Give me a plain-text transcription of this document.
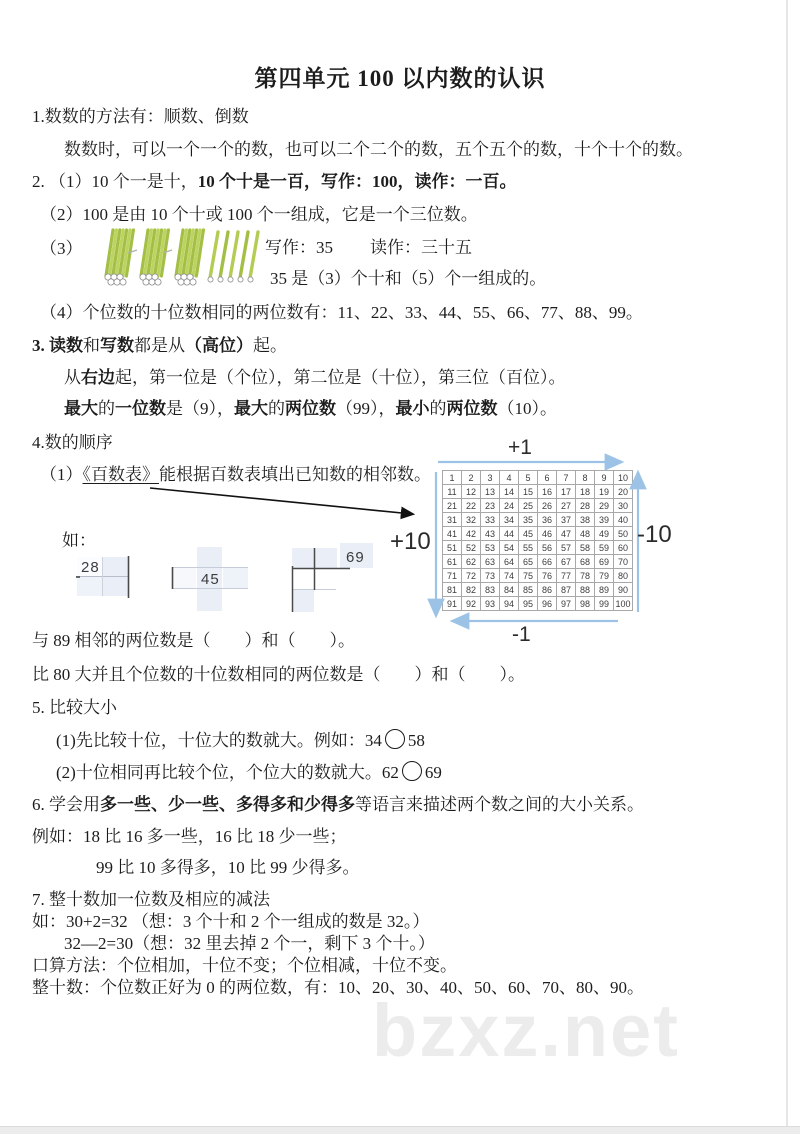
第四单元 100 以内数的认识
1.数数的方法有：顺数、倒数
数数时，可以一个一个的数，也可以二个二个的数，五个五个的数，十个十个的数。
2. （1）10 个一是十，10 个十是一百，写作：100，读作：一百。
（2）100 是由 10 个十或 100 个一组成，它是一个三位数。
（3）	写作：35 读作：三十五
35 是（3）个十和（5）个一组成的。
（4）个位数的十位数相同的两位数有：11、22、33、44、55、66、77、88、99。
3. 读数和写数都是从（高位）起。
从右边起，第一位是（个位），第二位是（十位），第三位（百位）。
最大的一位数是（9），最大的两位数（99），最小的两位数（10）。
4.数的顺序
（1）《百数表》能根据百数表填出已知数的相邻数。
如：
与 89 相邻的两位数是（　　）和（　　）。
比 80 大并且个位数的十位数相同的两位数是（　　）和（　　）。
5. 比较大小
(1)先比较十位，十位大的数就大。例如：34 58
(2)十位相同再比较个位，个位大的数就大。62 69
6. 学会用多一些、少一些、多得多和少得多等语言来描述两个数之间的大小关系。
例如：18 比 16 多一些，16 比 18 少一些；
99 比 10 多得多，10 比 99 少得多。
7. 整十数加一位数及相应的减法
如：30+2=32 （想：3 个十和 2 个一组成的数是 32。）
32—2=30（想：32 里去掉 2 个一，剩下 3 个十。）
口算方法：个位相加，十位不变；个位相减，十位不变。
整十数：个位数正好为 0 的两位数，有：10、20、30、40、50、60、70、80、90。
28
45
69
1	2	3	4	5	6	7	8	9	10
11	12 13 14 15 16 17 18 19 20
21 22 23 24 25 26 27 28 29 30
31 32 33 34 35 36 37 38 39 40
41 42 43 44 45 46 47 48 49 50
51 52 53 54 55 56 57 58 59 60
61 62 63 64 65 66 67 68 69 70
71 72 73 74 75 76 77 78 79 80
81 82 83 84 85 86 87 88 89 90
91 92 93 94 95 96 97 98 99 100
+1
-1
+10	-10
bzxz.net
